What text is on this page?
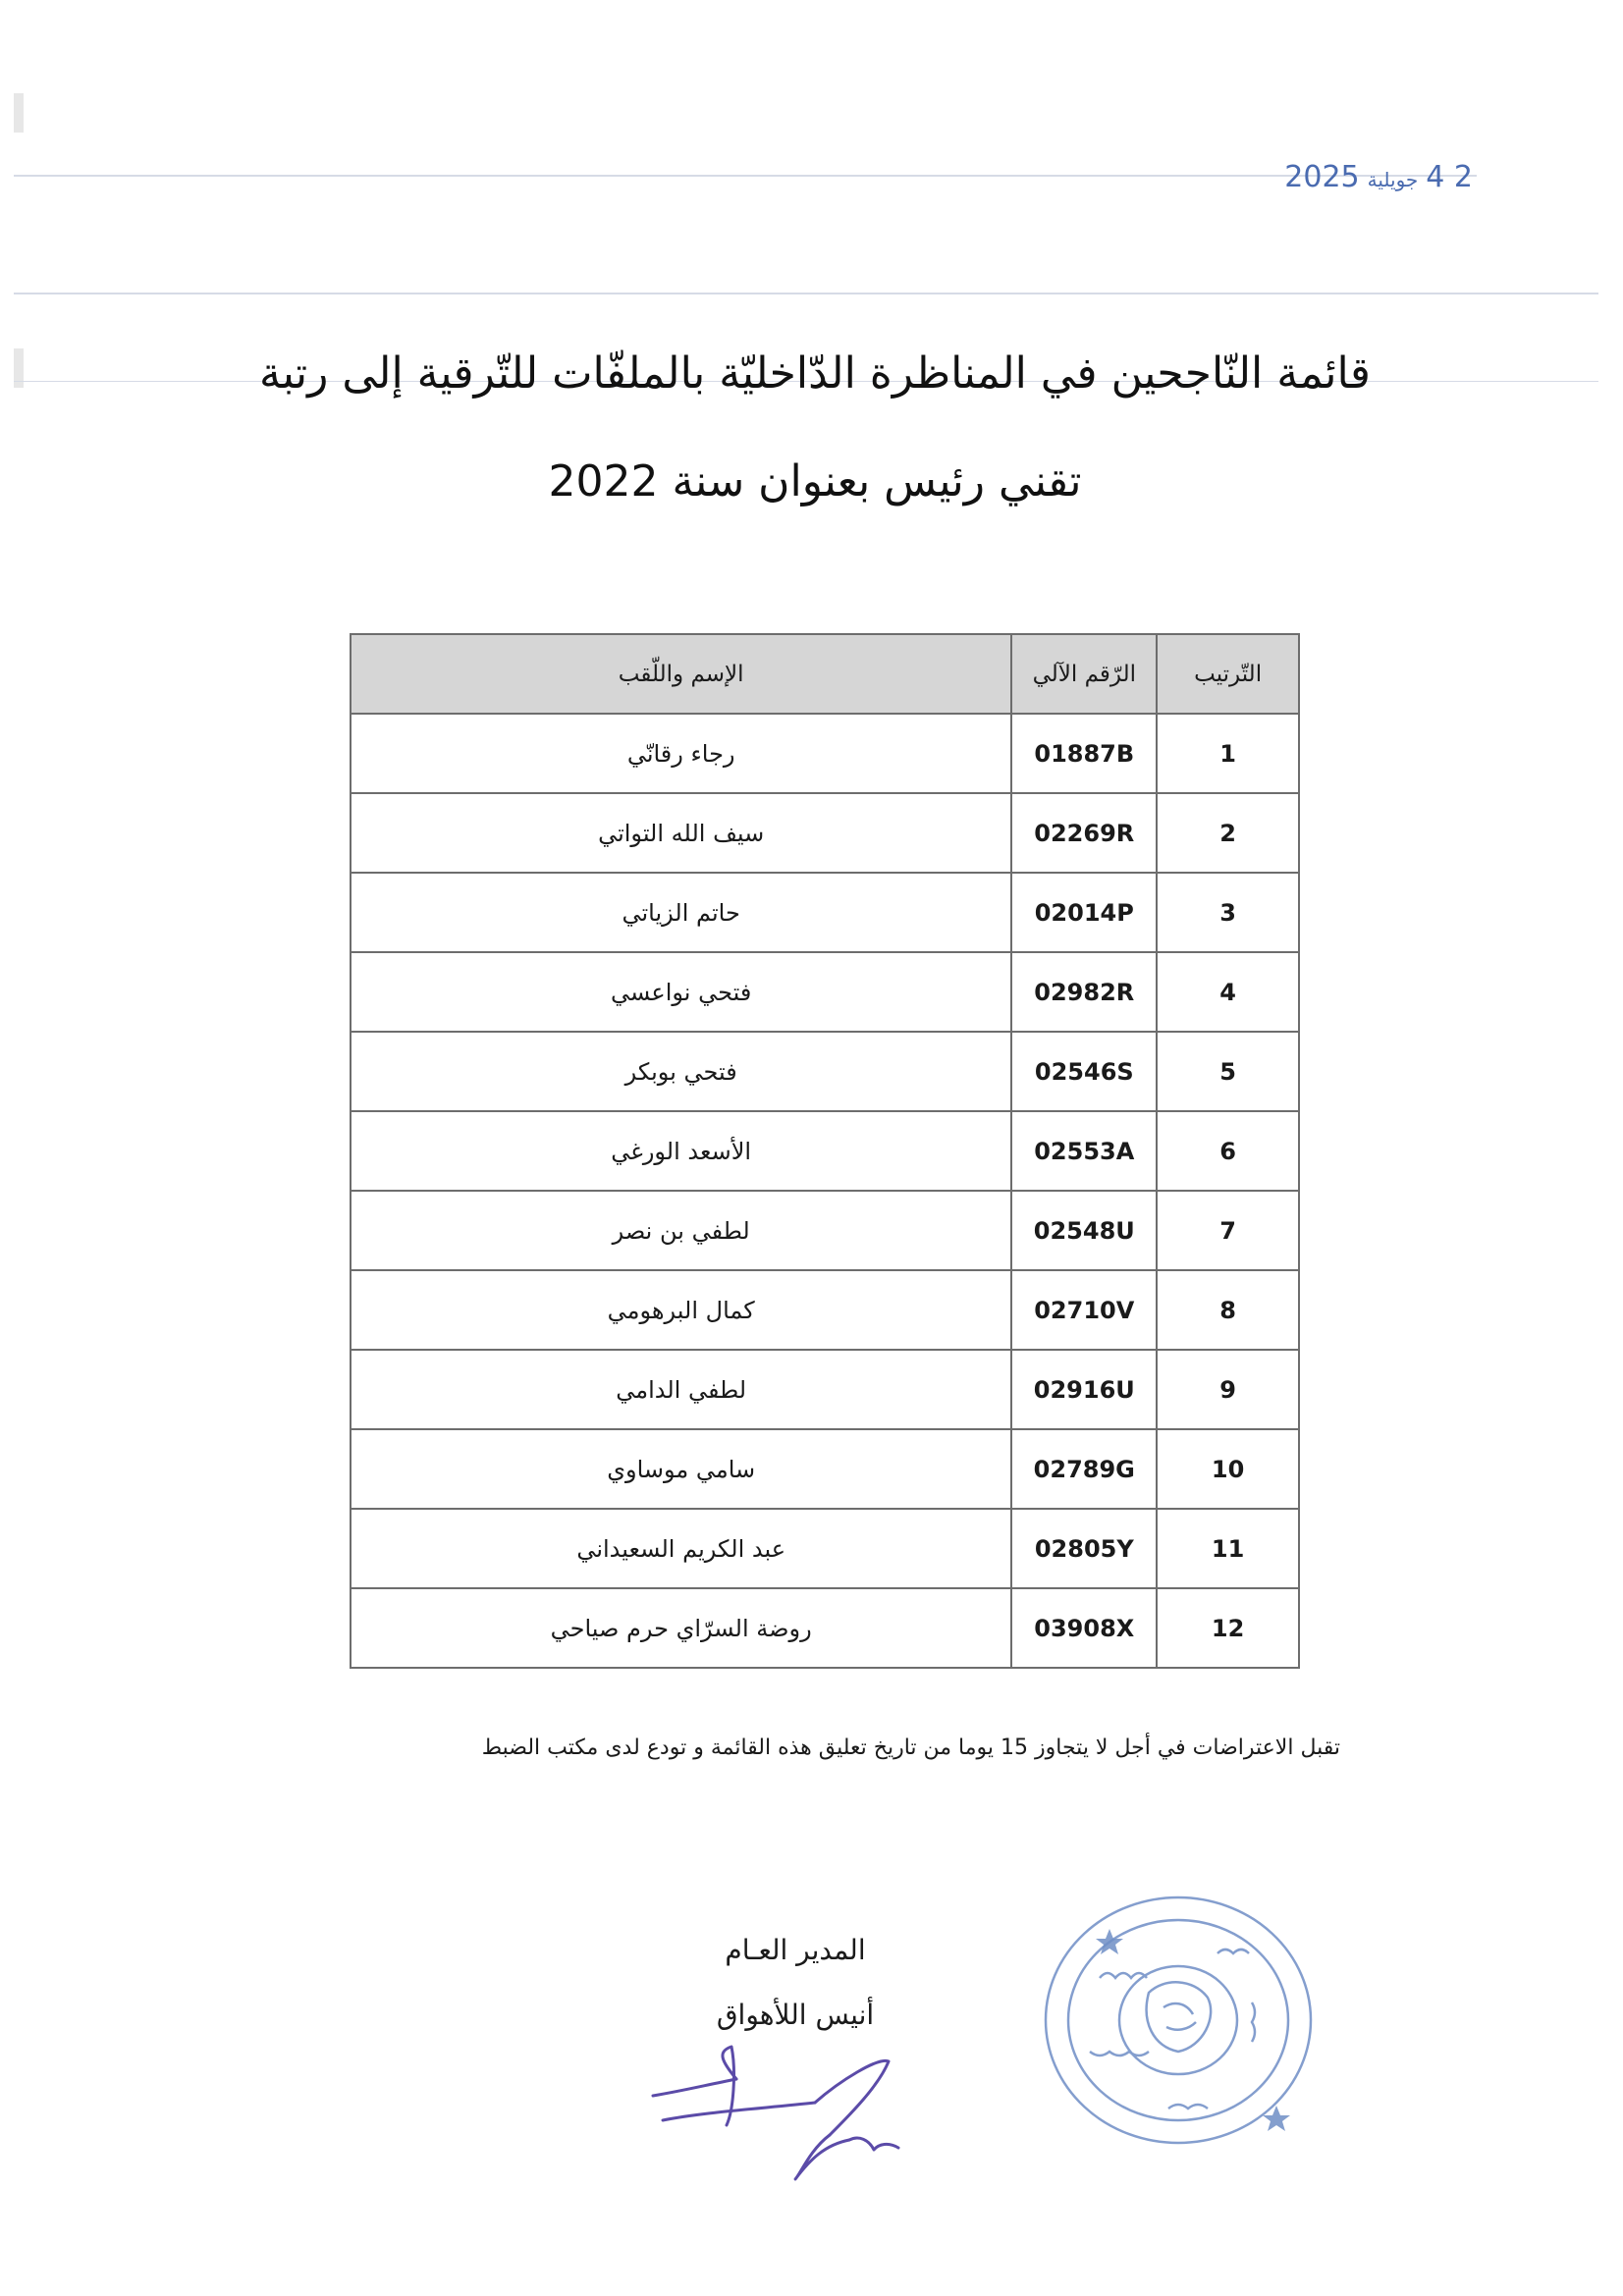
2 4جويلية2025
قائمة النّاجحين في المناظرة الدّاخليّة بالملفّات للتّرقية إلى رتبة
تقني رئيس بعنوان سنة 2022
التّرتيب	الرّقم الآلي	الإسم واللّقب
1	01887B	رجاء رقانّي
2	02269R	سيف الله التواتي
3	02014P	حاتم الزياتي
4	02982R	فتحي نواعسي
5	02546S	فتحي بوبكر
6	02553A	الأسعد الورغي
7	02548U	لطفي بن نصر
8	02710V	كمال البرهومي
9	02916U	لطفي الدامي
10	02789G	سامي موساوي
11	02805Y	عبد الكريم السعيداني
12	03908X	روضة السرّاي حرم صياحي
تقبل الاعتراضات في أجل لا يتجاوز 15 يوما من تاريخ تعليق هذه القائمة و تودع لدى مكتب الضبط
المدير العـام
أنيس اللأهواق
